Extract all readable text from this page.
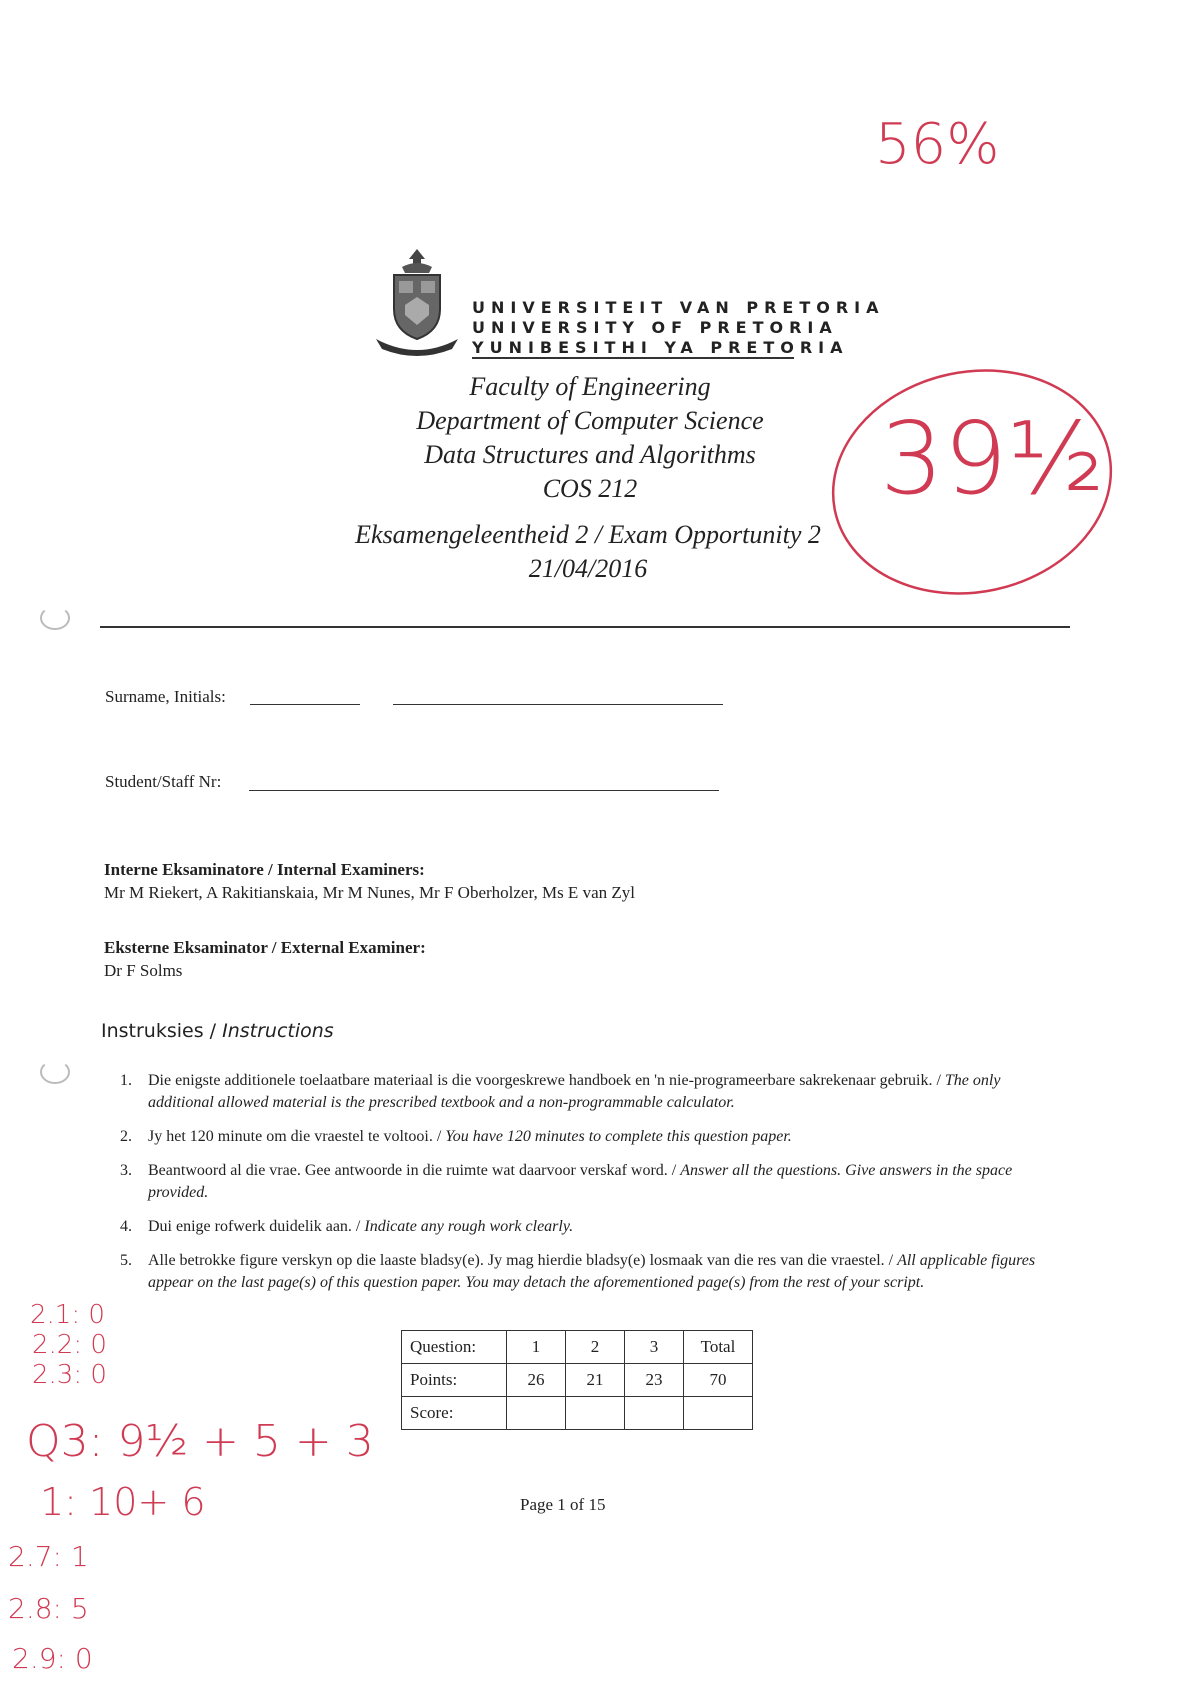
56%
UNIVERSITEIT VAN PRETORIA
UNIVERSITY OF PRETORIA
YUNIBESITHI YA PRETORIA
Faculty of Engineering
Department of Computer Science
Data Structures and Algorithms
COS 212
Eksamengeleentheid 2 / Exam Opportunity 2
21/04/2016
39½
Surname, Initials:
Student/Staff Nr:
Interne Eksaminatore / Internal Examiners:
Mr M Riekert, A Rakitianskaia, Mr M Nunes, Mr F Oberholzer, Ms E van Zyl
Eksterne Eksaminator / External Examiner:
Dr F Solms
Instruksies / Instructions
1. Die enigste additionele toelaatbare materiaal is die voorgeskrewe handboek en 'n nie-programeerbare sakrekenaar gebruik. / The only additional allowed material is the prescribed textbook and a non-programmable calculator.
2. Jy het 120 minute om die vraestel te voltooi. / You have 120 minutes to complete this question paper.
3. Beantwoord al die vrae. Gee antwoorde in die ruimte wat daarvoor verskaf word. / Answer all the questions. Give answers in the space provided.
4. Dui enige rofwerk duidelik aan. / Indicate any rough work clearly.
5. Alle betrokke figure verskyn op die laaste bladsy(e). Jy mag hierdie bladsy(e) losmaak van die res van die vraestel. / All applicable figures appear on the last page(s) of this question paper. You may detach the aforementioned page(s) from the rest of your script.
Question:	1	2	3	Total
Points:	26	21	23	70
Score:				
Page 1 of 15
2.1: 0
2.2: 0
2.3: 0
Q3: 9½ + 5 + 3
1: 10+ 6
2.7: 1
2.8: 5
2.9: 0
